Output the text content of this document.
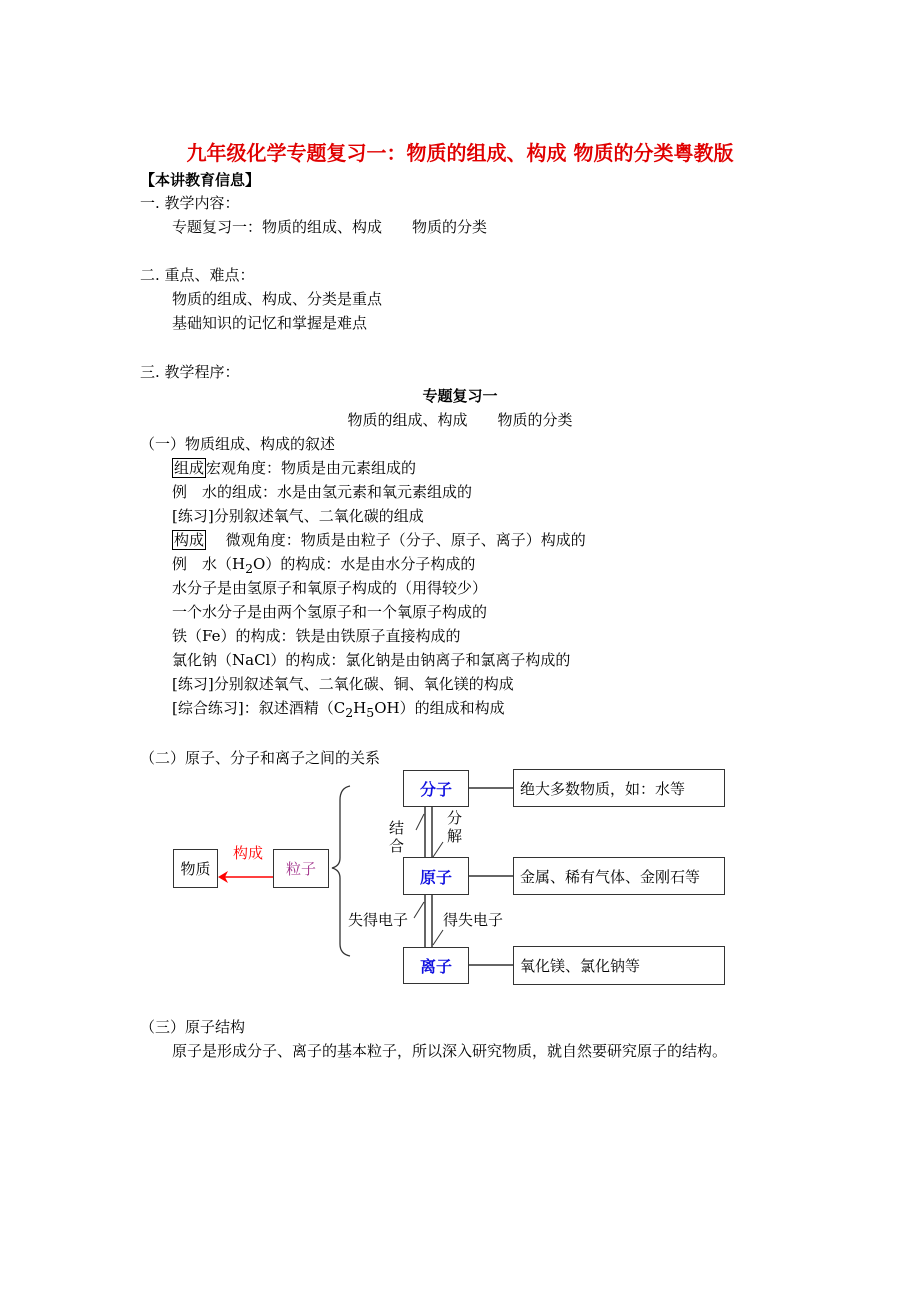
九年级化学专题复习一：物质的组成、构成 物质的分类粤教版
【本讲教育信息】
一. 教学内容：
专题复习一：物质的组成、构成　　物质的分类
二. 重点、难点：
物质的组成、构成、分类是重点
基础知识的记忆和掌握是难点
三. 教学程序：
专题复习一
物质的组成、构成　　物质的分类
（一）物质组成、构成的叙述
组成 宏观角度：物质是由元素组成的
例　水的组成：水是由氢元素和氧元素组成的
[练习]分别叙述氧气、二氧化碳的组成
构成　 微观角度：物质是由粒子（分子、原子、离子）构成的
例　水$(H_2O)$的构成：水是由水分子构成的
水分子是由氢原子和氧原子构成的（用得较少）
一个水分子是由两个氢原子和一个氧原子构成的
铁（Fe）的构成：铁是由铁原子直接构成的
氯化钠（NaCl）的构成：氯化钠是由钠离子和氯离子构成的
[练习]分别叙述氧气、二氧化碳、铜、氧化镁的构成
[综合练习]：叙述酒精$(C_2H_5OH)$的组成和构成
（二）原子、分子和离子之间的关系
物质	粒子
构成
分子
原子
离子
结合
分解
失得电子 得失电子
绝大多数物质，如：水等
金属、稀有气体、金刚石等
氧化镁、氯化钠等
（三）原子结构
原子是形成分子、离子的基本粒子，所以深入研究物质，就自然要研究原子的结构。
